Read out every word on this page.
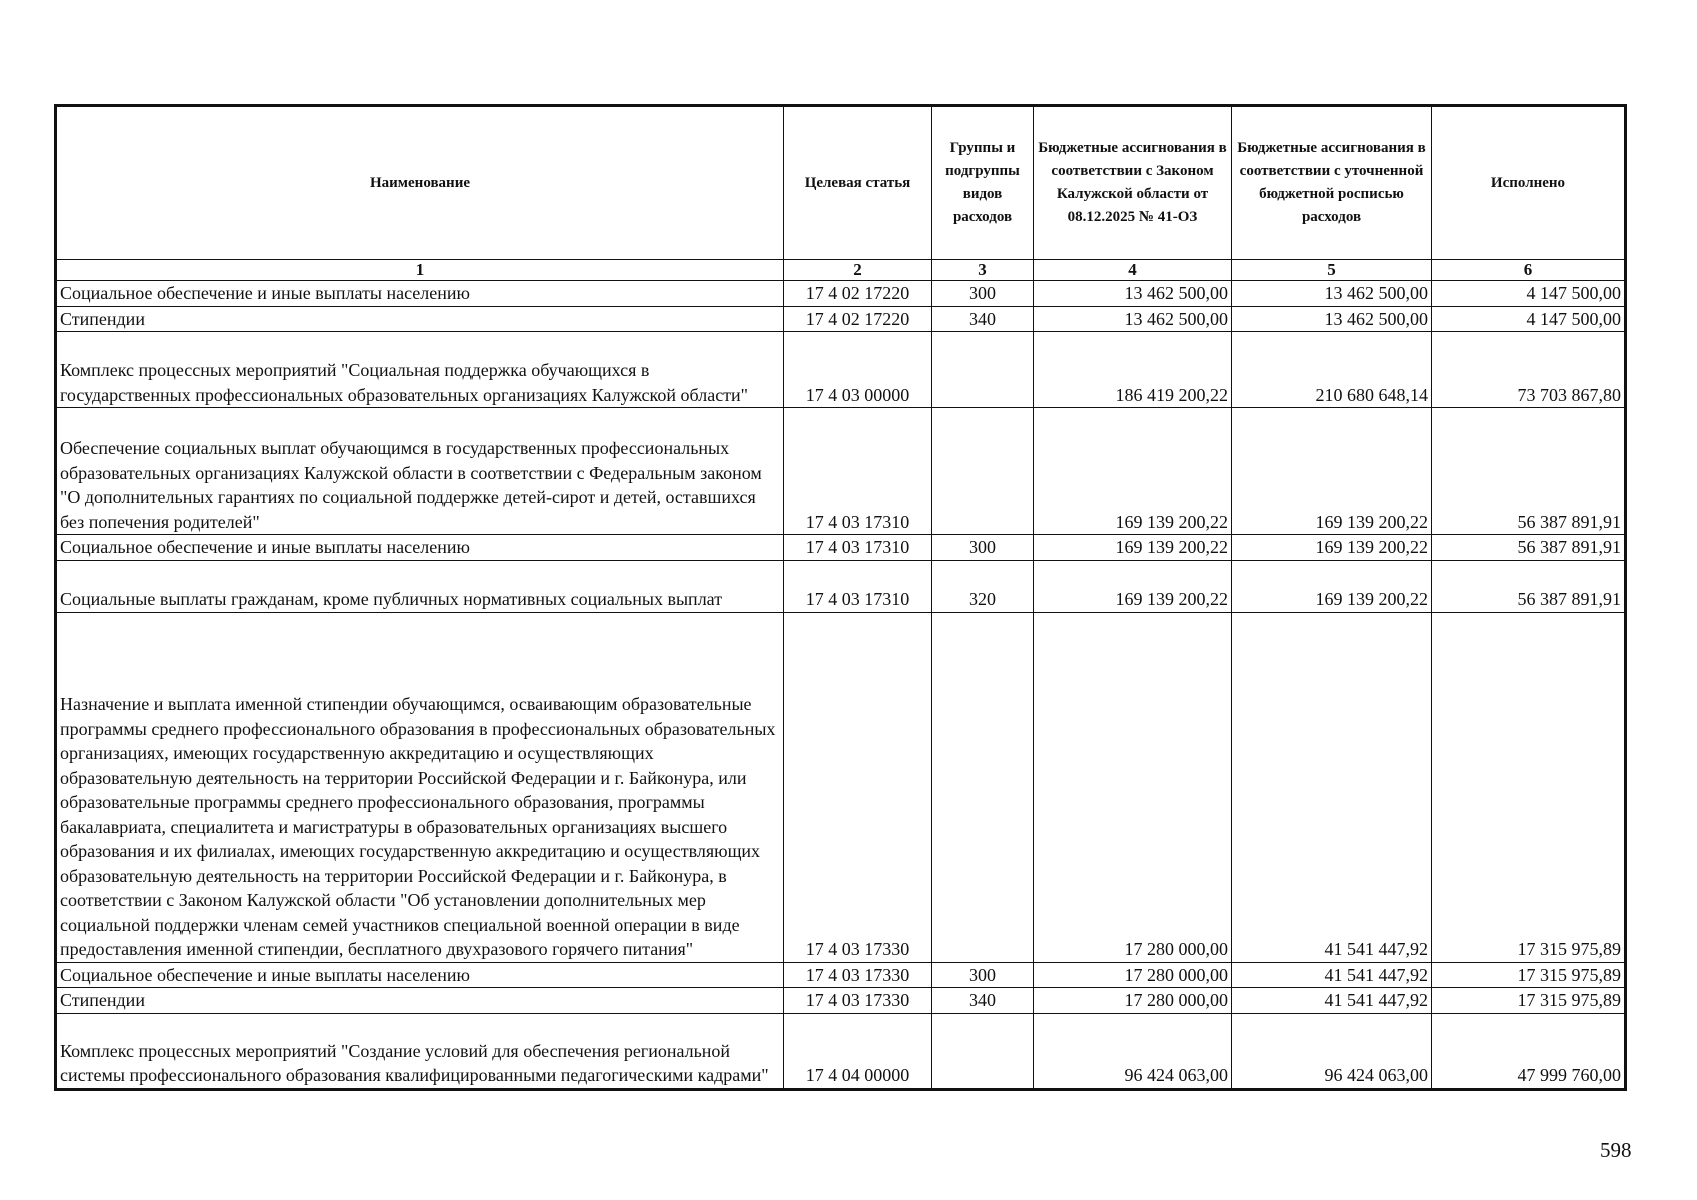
Наименование	Целевая статья	Группы и подгруппы видов расходов	Бюджетные ассигнования в соответствии с Законом Калужской области от 08.12.2025 № 41-ОЗ	Бюджетные ассигнования в соответствии с уточненной бюджетной росписью расходов	Исполнено
1	2	3	4	5	6
Социальное обеспечение и иные выплаты населению	17 4 02 17220	300	13 462 500,00	13 462 500,00	4 147 500,00
Стипендии	17 4 02 17220	340	13 462 500,00	13 462 500,00	4 147 500,00
Комплекс процессных мероприятий "Социальная поддержка обучающихся в государственных профессиональных образовательных организациях Калужской области"	17 4 03 00000		186 419 200,22	210 680 648,14	73 703 867,80
Обеспечение социальных выплат обучающимся в государственных профессиональных образовательных организациях Калужской области в соответствии с Федеральным законом "О дополнительных гарантиях по социальной поддержке детей-сирот и детей, оставшихся без попечения родителей"	17 4 03 17310		169 139 200,22	169 139 200,22	56 387 891,91
Социальное обеспечение и иные выплаты населению	17 4 03 17310	300	169 139 200,22	169 139 200,22	56 387 891,91
Социальные выплаты гражданам, кроме публичных нормативных социальных выплат	17 4 03 17310	320	169 139 200,22	169 139 200,22	56 387 891,91
Назначение и выплата именной стипендии обучающимся, осваивающим образовательные программы среднего профессионального образования в профессиональных образовательных организациях, имеющих государственную аккредитацию и осуществляющих образовательную деятельность на территории Российской Федерации и г. Байконура, или образовательные программы среднего профессионального образования, программы бакалавриата, специалитета и магистратуры в образовательных организациях высшего образования и их филиалах, имеющих государственную аккредитацию и осуществляющих образовательную деятельность на территории Российской Федерации и г. Байконура, в соответствии с Законом Калужской области "Об установлении дополнительных мер социальной поддержки членам семей участников специальной военной операции в виде предоставления именной стипендии, бесплатного двухразового горячего питания"	17 4 03 17330		17 280 000,00	41 541 447,92	17 315 975,89
Социальное обеспечение и иные выплаты населению	17 4 03 17330	300	17 280 000,00	41 541 447,92	17 315 975,89
Стипендии	17 4 03 17330	340	17 280 000,00	41 541 447,92	17 315 975,89
Комплекс процессных мероприятий "Создание условий для обеспечения региональной системы профессионального образования квалифицированными педагогическими кадрами"	17 4 04 00000		96 424 063,00	96 424 063,00	47 999 760,00
598
